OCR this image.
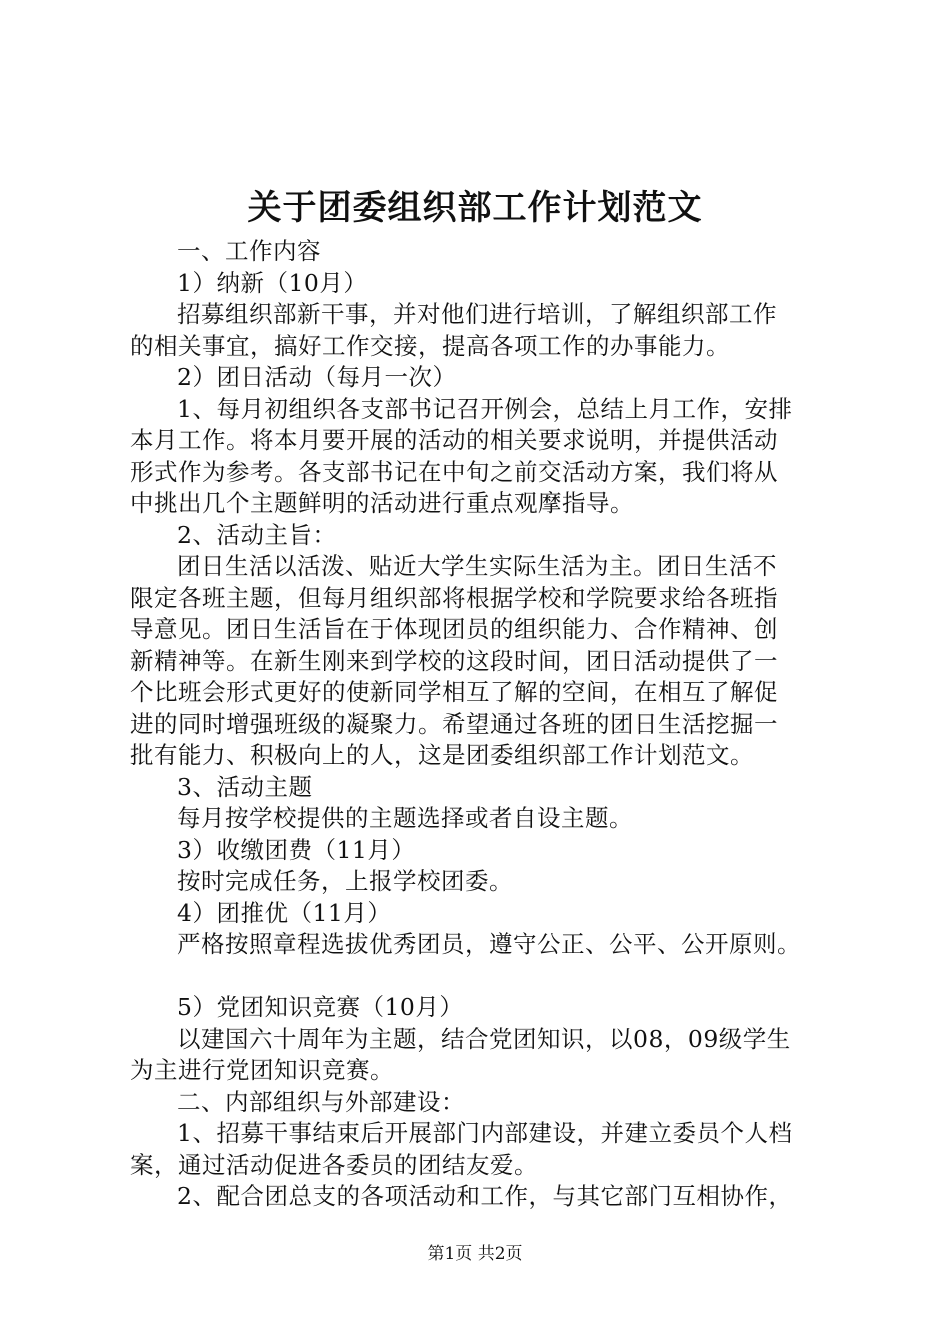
关于团委组织部工作计划范文
一、工作内容
1）纳新（10月）
招募组织部新干事，并对他们进行培训，了解组织部工作
的相关事宜，搞好工作交接，提高各项工作的办事能力。
2）团日活动（每月一次）
1、每月初组织各支部书记召开例会，总结上月工作，安排
本月工作。将本月要开展的活动的相关要求说明，并提供活动
形式作为参考。各支部书记在中旬之前交活动方案，我们将从
中挑出几个主题鲜明的活动进行重点观摩指导。
2、活动主旨：
团日生活以活泼、贴近大学生实际生活为主。团日生活不
限定各班主题，但每月组织部将根据学校和学院要求给各班指
导意见。团日生活旨在于体现团员的组织能力、合作精神、创
新精神等。在新生刚来到学校的这段时间，团日活动提供了一
个比班会形式更好的使新同学相互了解的空间，在相互了解促
进的同时增强班级的凝聚力。希望通过各班的团日生活挖掘一
批有能力、积极向上的人，这是团委组织部工作计划范文。
3、活动主题
每月按学校提供的主题选择或者自设主题。
3）收缴团费（11月）
按时完成任务，上报学校团委。
4）团推优（11月）
严格按照章程选拔优秀团员，遵守公正、公平、公开原则。
5）党团知识竞赛（10月）
以建国六十周年为主题，结合党团知识，以08，09级学生
为主进行党团知识竞赛。
二、内部组织与外部建设：
1、招募干事结束后开展部门内部建设，并建立委员个人档
案，通过活动促进各委员的团结友爱。
2、配合团总支的各项活动和工作，与其它部门互相协作，
第1页 共2页
